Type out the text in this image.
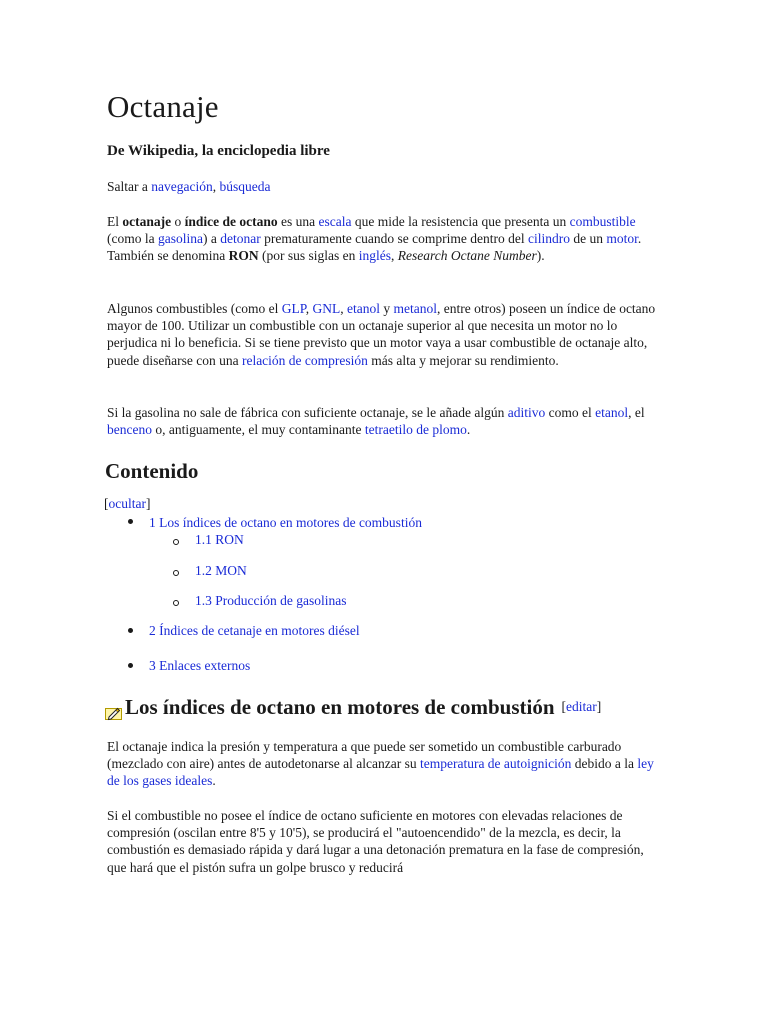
Octanaje
De Wikipedia, la enciclopedia libre
Saltar a navegación, búsqueda

El octanaje o índice de octano es una escala que mide la resistencia que presenta un combustible (como la gasolina) a detonar prematuramente cuando se comprime dentro del cilindro de un motor. También se denomina RON (por sus siglas en inglés, Research Octane Number).

Algunos combustibles (como el GLP, GNL, etanol y metanol, entre otros) poseen un índice de octano mayor de 100. Utilizar un combustible con un octanaje superior al que necesita un motor no lo perjudica ni lo beneficia. Si se tiene previsto que un motor vaya a usar combustible de octanaje alto, puede diseñarse con una relación de compresión más alta y mejorar su rendimiento.

Si la gasolina no sale de fábrica con suficiente octanaje, se le añade algún aditivo como el etanol, el benceno o, antiguamente, el muy contaminante tetraetilo de plomo.

Contenido
[ocultar]
1 Los índices de octano en motores de combustión
1.1 RON
1.2 MON
1.3 Producción de gasolinas
2 Índices de cetanaje en motores diésel
3 Enlaces externos
Los índices de octano en motores de combustión [editar]

El octanaje indica la presión y temperatura a que puede ser sometido un combustible carburado (mezclado con aire) antes de autodetonarse al alcanzar su temperatura de autoignición debido a la ley de los gases ideales.

Si el combustible no posee el índice de octano suficiente en motores con elevadas relaciones de compresión (oscilan entre 8'5 y 10'5), se producirá el "autoencendido" de la mezcla, es decir, la combustión es demasiado rápida y dará lugar a una detonación prematura en la fase de compresión, que hará que el pistón sufra un golpe brusco y reducirá
